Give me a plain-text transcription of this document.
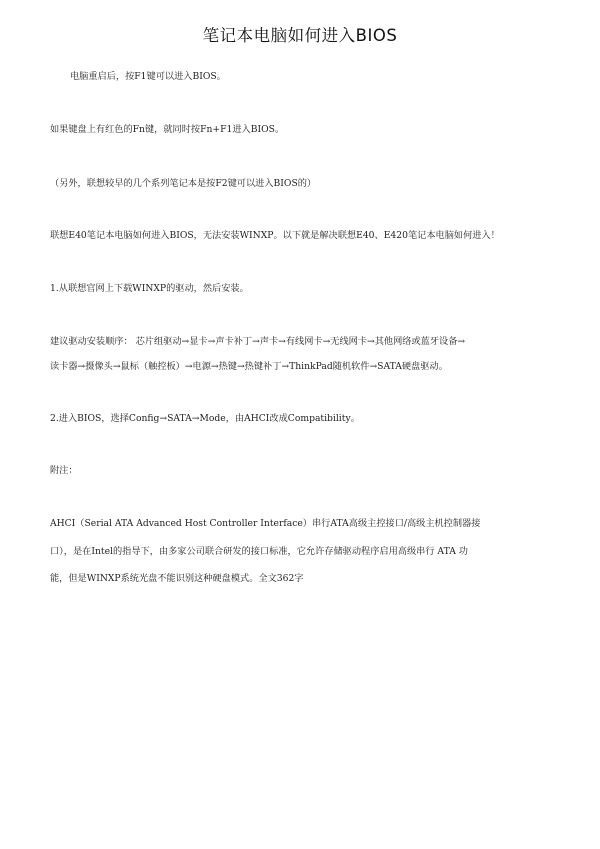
笔记本电脑如何进入BIOS

电脑重启后，按F1键可以进入BIOS。

如果键盘上有红色的Fn键，就同时按Fn+F1进入BIOS。

（另外，联想较早的几个系列笔记本是按F2键可以进入BIOS的）

联想E40笔记本电脑如何进入BIOS，无法安装WINXP。以下就是解决联想E40、E420笔记本电脑如何进入！

1.从联想官网上下载WINXP的驱动，然后安装。

建议驱动安装顺序： 芯片组驱动→显卡→声卡补丁→声卡→有线网卡→无线网卡→其他网络或蓝牙设备→

读卡器→摄像头→鼠标（触控板）→电源→热键→热键补丁→ThinkPad随机软件→SATA硬盘驱动。

2.进入BIOS，选择Config→SATA→Mode，由AHCI改成Compatibility。

附注：

AHCI（Serial ATA Advanced Host Controller Interface）串行ATA高级主控接口/高级主机控制器接

口），是在Intel的指导下，由多家公司联合研发的接口标准，它允许存储驱动程序启用高级串行 ATA 功

能，但是WINXP系统光盘不能识别这种硬盘模式。全文362字
